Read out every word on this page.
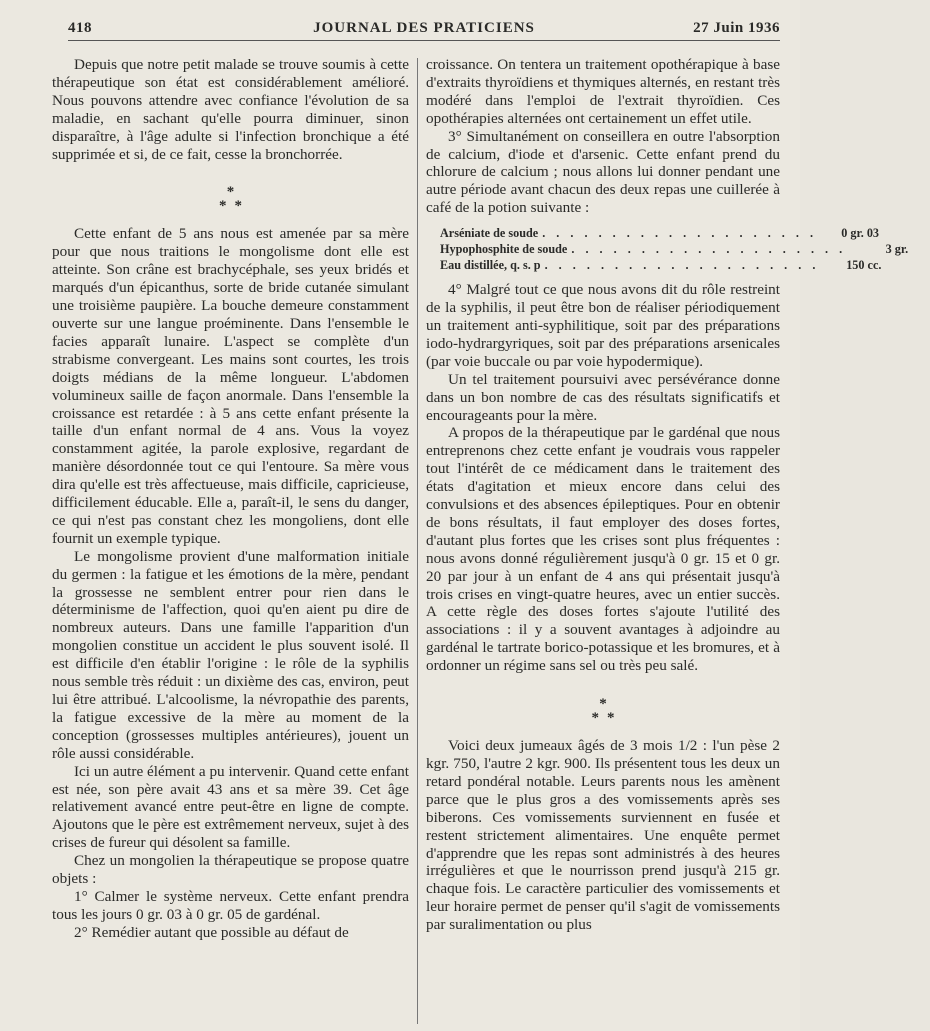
418	JOURNAL DES PRATICIENS	27 Juin 1936

Depuis que notre petit malade se trouve soumis à cette thérapeutique son état est considérablement amélioré. Nous pouvons attendre avec confiance l'évolution de sa maladie, en sachant qu'elle pourra diminuer, sinon disparaître, à l'âge adulte si l'infection bronchique a été supprimée et si, de ce fait, cesse la bronchorrée.

*
**

Cette enfant de 5 ans nous est amenée par sa mère pour que nous traitions le mongolisme dont elle est atteinte. Son crâne est brachycéphale, ses yeux bridés et marqués d'un épicanthus, sorte de bride cutanée simulant une troisième paupière. La bouche demeure constamment ouverte sur une langue proéminente. Dans l'ensemble le facies apparaît lunaire. L'aspect se complète d'un strabisme convergeant. Les mains sont courtes, les trois doigts médians de la même longueur. L'abdomen volumineux saille de façon anormale. Dans l'ensemble la croissance est retardée : à 5 ans cette enfant présente la taille d'un enfant normal de 4 ans. Vous la voyez constamment agitée, la parole explosive, regardant de manière désordonnée tout ce qui l'entoure. Sa mère vous dira qu'elle est très affectueuse, mais difficile, capricieuse, difficilement éducable. Elle a, paraît-il, le sens du danger, ce qui n'est pas constant chez les mongoliens, dont elle fournit un exemple typique.

Le mongolisme provient d'une malformation initiale du germen : la fatigue et les émotions de la mère, pendant la grossesse ne semblent entrer pour rien dans le déterminisme de l'affection, quoi qu'en aient pu dire de nombreux auteurs. Dans une famille l'apparition d'un mongolien constitue un accident le plus souvent isolé. Il est difficile d'en établir l'origine : le rôle de la syphilis nous semble très réduit : un dixième des cas, environ, peut lui être attribué. L'alcoolisme, la névropathie des parents, la fatigue excessive de la mère au moment de la conception (grossesses multiples antérieures), jouent un rôle aussi considérable.

Ici un autre élément a pu intervenir. Quand cette enfant est née, son père avait 43 ans et sa mère 39. Cet âge relativement avancé entre peut-être en ligne de compte. Ajoutons que le père est extrêmement nerveux, sujet à des crises de fureur qui désolent sa famille.

Chez un mongolien la thérapeutique se propose quatre objets :

1° Calmer le système nerveux. Cette enfant prendra tous les jours 0 gr. 03 à 0 gr. 05 de gardénal.

2° Remédier autant que possible au défaut de

croissance. On tentera un traitement opothérapique à base d'extraits thyroïdiens et thymiques alternés, en restant très modéré dans l'emploi de l'extrait thyroïdien. Ces opothérapies alternées ont certainement un effet utile.

3° Simultanément on conseillera en outre l'absorption de calcium, d'iode et d'arsenic. Cette enfant prend du chlorure de calcium ; nous allons lui donner pendant une autre période avant chacun des deux repas une cuillerée à café de la potion suivante :

Arséniate de soude . . . . . . . . . . . . . . . . . . . .	0 gr. 03
Hypophosphite de soude . . . . . . . . . . . . . . . . . . . .	3 gr.
Eau distillée, q. s. p . . . . . . . . . . . . . . . . . . . .	150 cc.

4° Malgré tout ce que nous avons dit du rôle restreint de la syphilis, il peut être bon de réaliser périodiquement un traitement anti-syphilitique, soit par des préparations iodo-hydrargyriques, soit par des préparations arsenicales (par voie buccale ou par voie hypodermique).

Un tel traitement poursuivi avec persévérance donne dans un bon nombre de cas des résultats significatifs et encourageants pour la mère.

A propos de la thérapeutique par le gardénal que nous entreprenons chez cette enfant je voudrais vous rappeler tout l'intérêt de ce médicament dans le traitement des états d'agitation et mieux encore dans celui des convulsions et des absences épileptiques. Pour en obtenir de bons résultats, il faut employer des doses fortes, d'autant plus fortes que les crises sont plus fréquentes : nous avons donné régulièrement jusqu'à 0 gr. 15 et 0 gr. 20 par jour à un enfant de 4 ans qui présentait jusqu'à trois crises en vingt-quatre heures, avec un entier succès. A cette règle des doses fortes s'ajoute l'utilité des associations : il y a souvent avantages à adjoindre au gardénal le tartrate borico-potassique et les bromures, et à ordonner un régime sans sel ou très peu salé.

*
**

Voici deux jumeaux âgés de 3 mois 1/2 : l'un pèse 2 kgr. 750, l'autre 2 kgr. 900. Ils présentent tous les deux un retard pondéral notable. Leurs parents nous les amènent parce que le plus gros a des vomissements après ses biberons. Ces vomissements surviennent en fusée et restent strictement alimentaires. Une enquête permet d'apprendre que les repas sont administrés à des heures irrégulières et que le nourrisson prend jusqu'à 215 gr. chaque fois. Le caractère particulier des vomissements et leur horaire permet de penser qu'il s'agit de vomissements par suralimentation ou plus
